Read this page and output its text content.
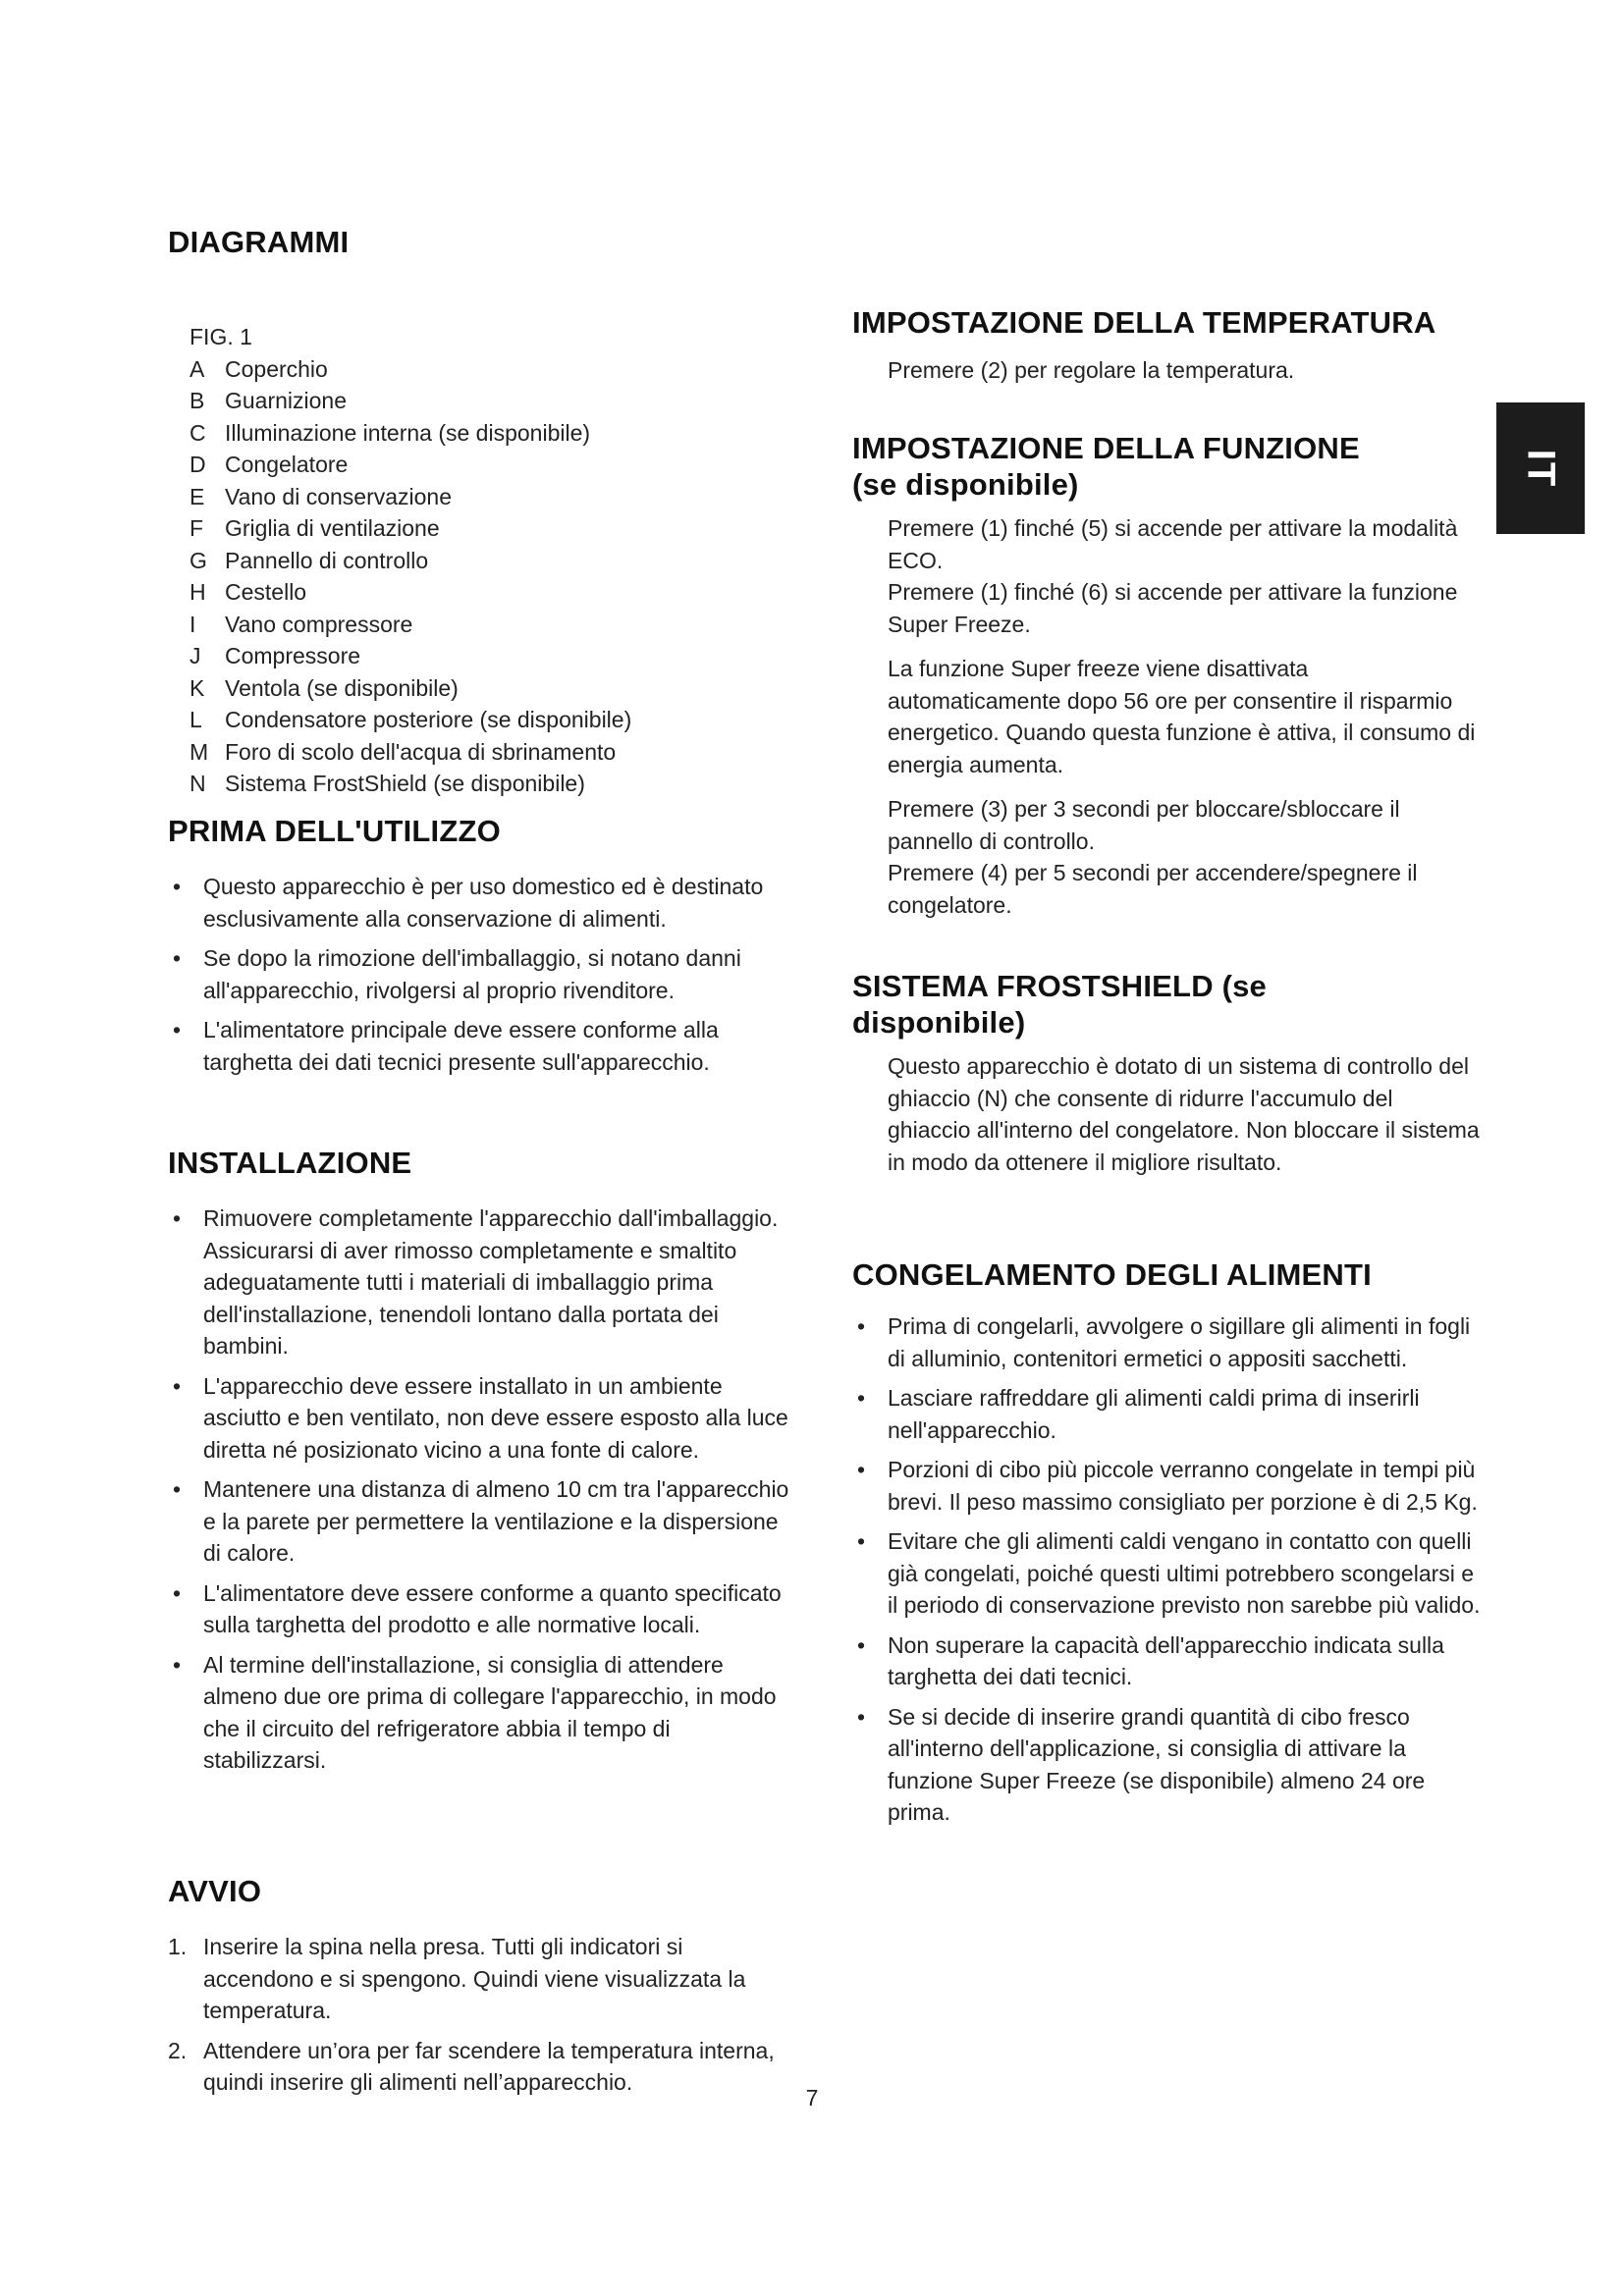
DIAGRAMMI
FIG. 1
A Coperchio
B Guarnizione
C Illuminazione interna (se disponibile)
D Congelatore
E Vano di conservazione
F Griglia di ventilazione
G Pannello di controllo
H Cestello
I	Vano compressore
J	Compressore
K Ventola (se disponibile)
L	Condensatore posteriore (se disponibile)
M Foro di scolo dell'acqua di sbrinamento
N Sistema FrostShield (se disponibile)
PRIMA DELL'UTILIZZO
• Questo apparecchio è per uso domestico ed è destinato esclusivamente alla conservazione di alimenti.
• Se dopo la rimozione dell'imballaggio, si notano danni all'apparecchio, rivolgersi al proprio rivenditore.
• L'alimentatore principale deve essere conforme alla targhetta dei dati tecnici presente sull'apparecchio.
INSTALLAZIONE
• Rimuovere completamente l'apparecchio dall'imballaggio. Assicurarsi di aver rimosso completamente e smaltito adeguatamente tutti i materiali di imballaggio prima dell'installazione, tenendoli lontano dalla portata dei bambini.
• L'apparecchio deve essere installato in un ambiente asciutto e ben ventilato, non deve essere esposto alla luce diretta né posizionato vicino a una fonte di calore.
• Mantenere una distanza di almeno 10 cm tra l'apparecchio e la parete per permettere la ventilazione e la dispersione di calore.
• L'alimentatore deve essere conforme a quanto specificato sulla targhetta del prodotto e alle normative locali.
• Al termine dell'installazione, si consiglia di attendere almeno due ore prima di collegare l'apparecchio, in modo che il circuito del refrigeratore abbia il tempo di stabilizzarsi.
AVVIO
1. Inserire la spina nella presa. Tutti gli indicatori si accendono e si spengono. Quindi viene visualizzata la temperatura.
2. Attendere un’ora per far scendere la temperatura interna, quindi inserire gli alimenti nell’apparecchio.
IMPOSTAZIONE DELLA TEMPERATURA
Premere (2) per regolare la temperatura.
IMPOSTAZIONE DELLA FUNZIONE
(se disponibile)
Premere (1) finché (5) si accende per attivare la modalità ECO.
Premere (1) finché (6) si accende per attivare la funzione Super Freeze.
La funzione Super freeze viene disattivata automaticamente dopo 56 ore per consentire il risparmio energetico. Quando questa funzione è attiva, il consumo di energia aumenta.
Premere (3) per 3 secondi per bloccare/sbloccare il pannello di controllo.
Premere (4) per 5 secondi per accendere/spegnere il congelatore.
SISTEMA FROSTSHIELD (se
disponibile)
Questo apparecchio è dotato di un sistema di controllo del ghiaccio (N) che consente di ridurre l'accumulo del ghiaccio all'interno del congelatore. Non bloccare il sistema in modo da ottenere il migliore risultato.
CONGELAMENTO DEGLI ALIMENTI
• Prima di congelarli, avvolgere o sigillare gli alimenti in fogli di alluminio, contenitori ermetici o appositi sacchetti.
• Lasciare raffreddare gli alimenti caldi prima di inserirli nell'apparecchio.
• Porzioni di cibo più piccole verranno congelate in tempi più brevi. Il peso massimo consigliato per porzione è di 2,5 Kg.
• Evitare che gli alimenti caldi vengano in contatto con quelli già congelati, poiché questi ultimi potrebbero scongelarsi e il periodo di conservazione previsto non sarebbe più valido.
• Non superare la capacità dell'apparecchio indicata sulla targhetta dei dati tecnici.
• Se si decide di inserire grandi quantità di cibo fresco all'interno dell'applicazione, si consiglia di attivare la funzione Super Freeze (se disponibile) almeno 24 ore prima.
IT
7
